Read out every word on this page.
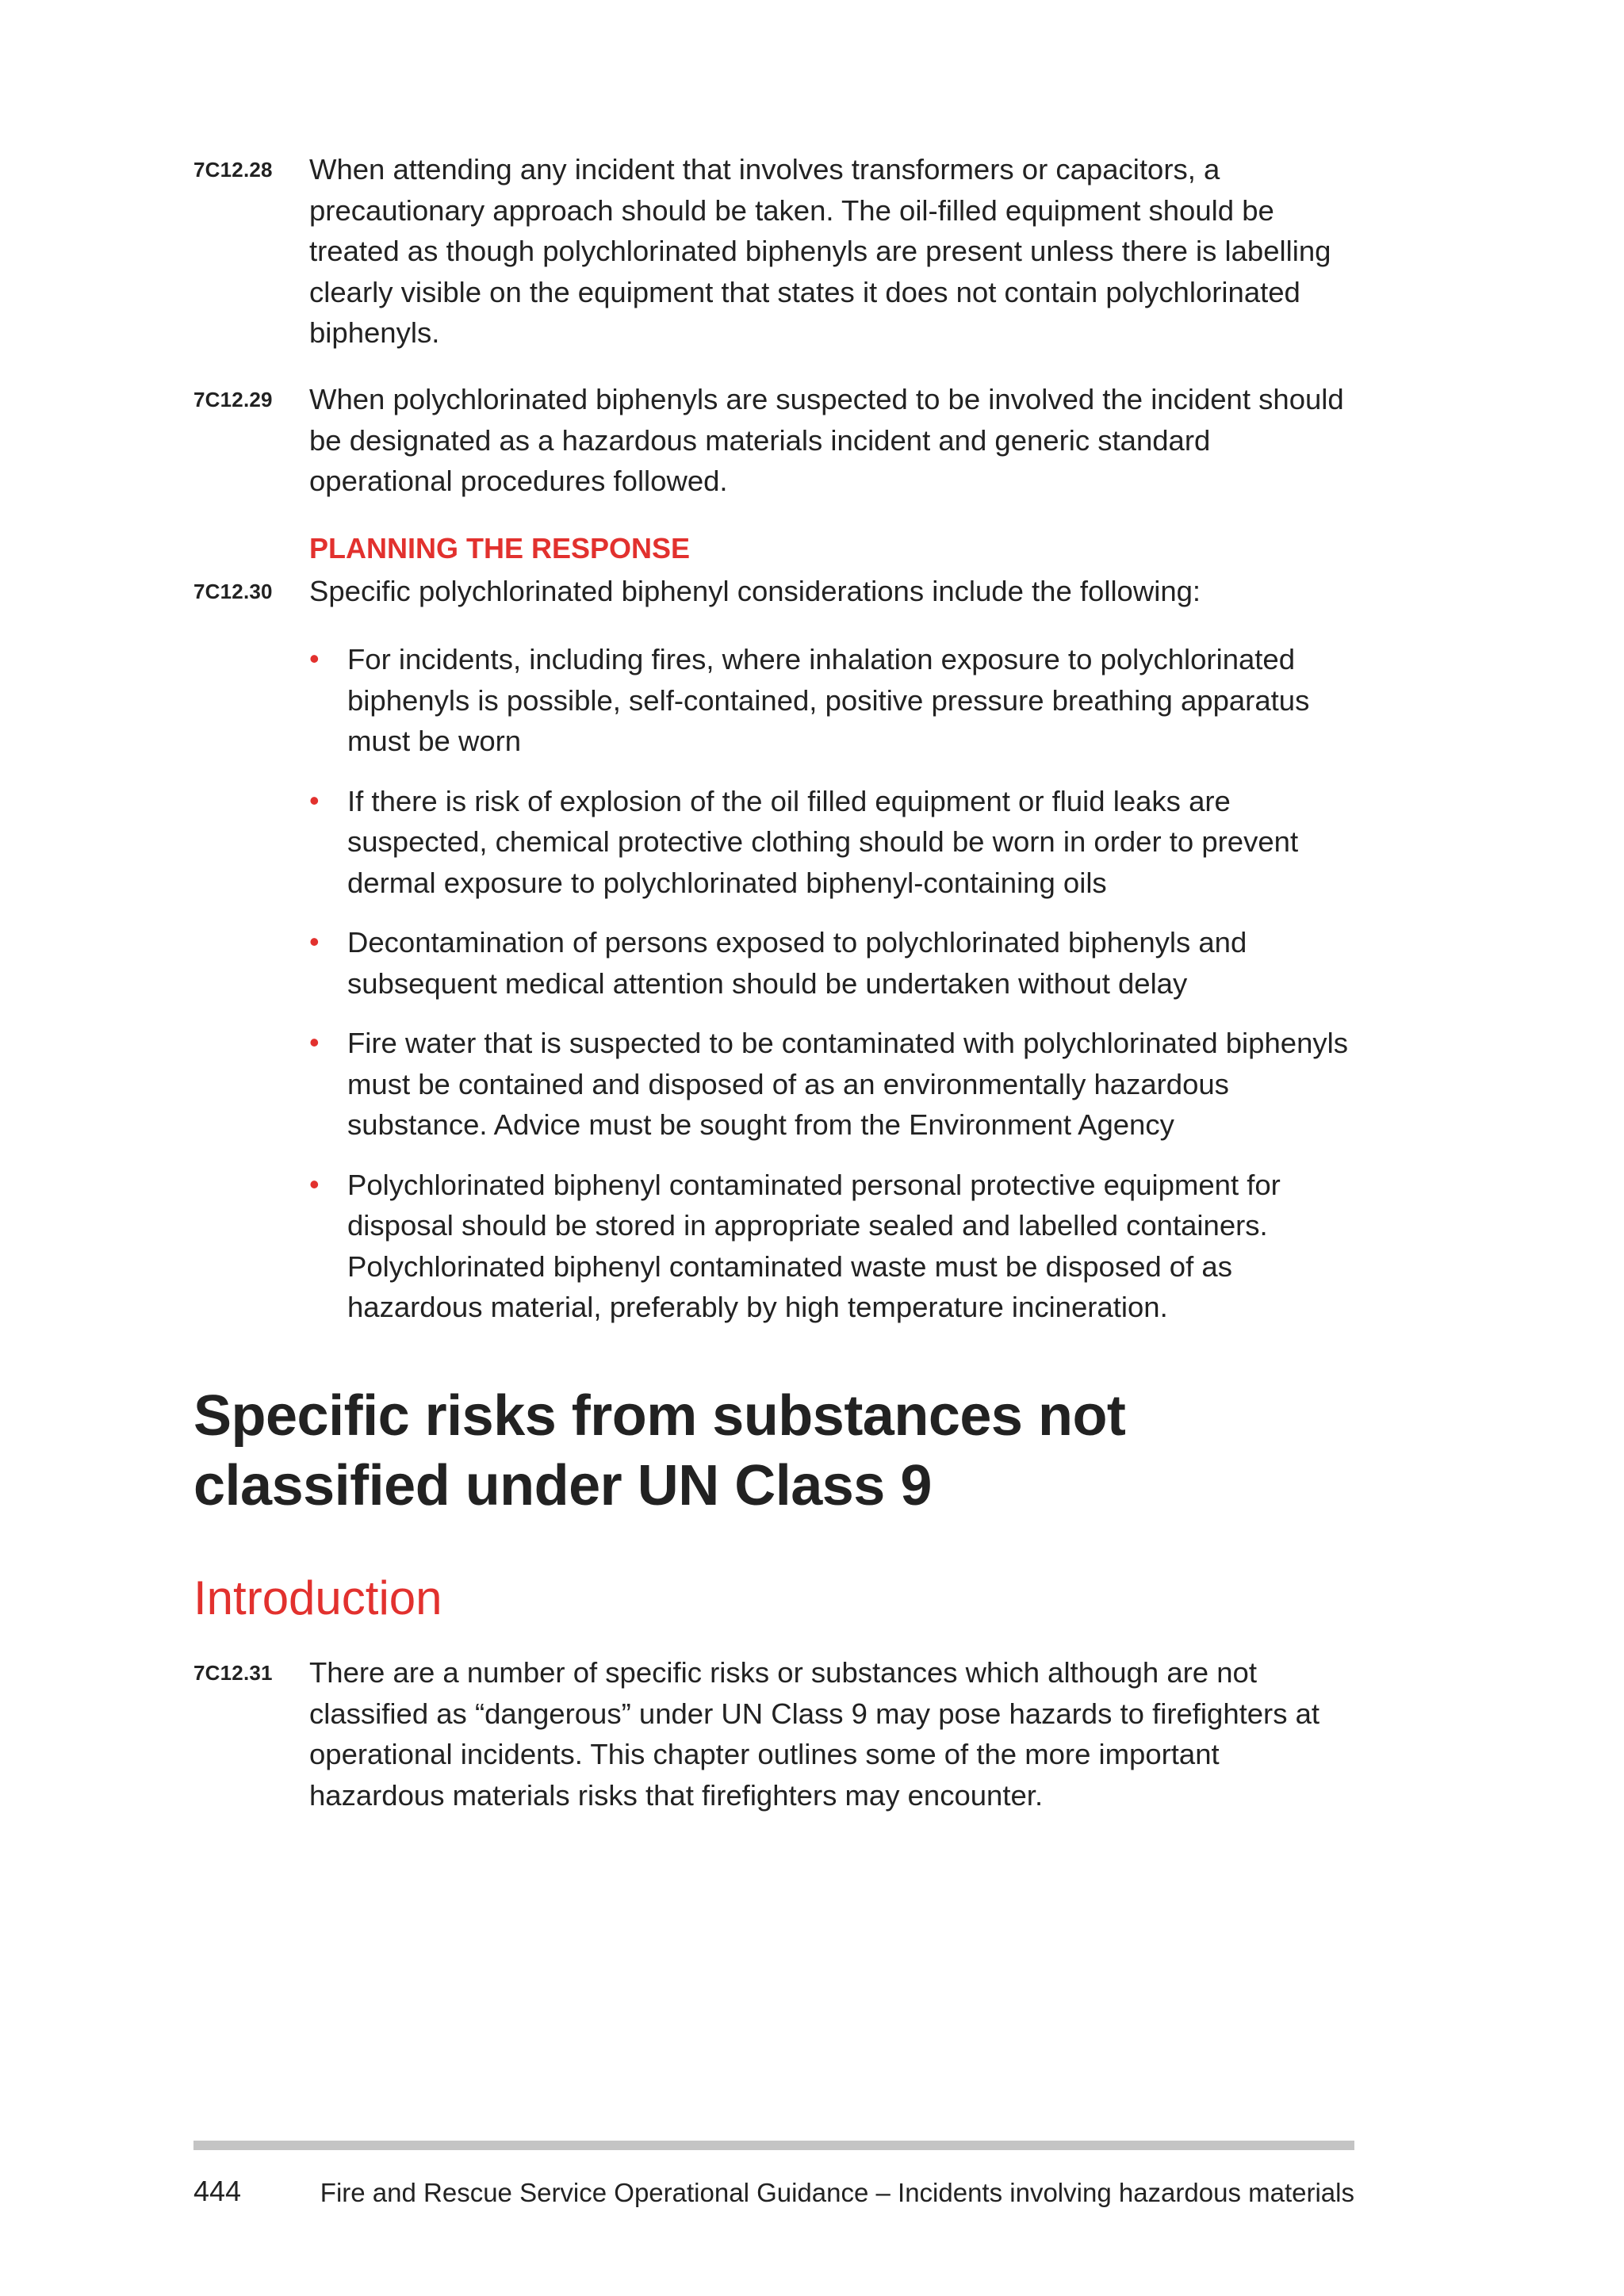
7C12.28 When attending any incident that involves transformers or capacitors, a precautionary approach should be taken. The oil-filled equipment should be treated as though polychlorinated biphenyls are present unless there is labelling clearly visible on the equipment that states it does not contain polychlorinated biphenyls.
7C12.29 When polychlorinated biphenyls are suspected to be involved the incident should be designated as a hazardous materials incident and generic standard operational procedures followed.
PLANNING THE RESPONSE
7C12.30 Specific polychlorinated biphenyl considerations include the following:
• For incidents, including fires, where inhalation exposure to polychlorinated biphenyls is possible, self-contained, positive pressure breathing apparatus must be worn
• If there is risk of explosion of the oil filled equipment or fluid leaks are suspected, chemical protective clothing should be worn in order to prevent dermal exposure to polychlorinated biphenyl-containing oils
• Decontamination of persons exposed to polychlorinated biphenyls and subsequent medical attention should be undertaken without delay
• Fire water that is suspected to be contaminated with polychlorinated biphenyls must be contained and disposed of as an environmentally hazardous substance. Advice must be sought from the Environment Agency
• Polychlorinated biphenyl contaminated personal protective equipment for disposal should be stored in appropriate sealed and labelled containers. Polychlorinated biphenyl contaminated waste must be disposed of as hazardous material, preferably by high temperature incineration.
Specific risks from substances not
classified under UN Class 9
Introduction
7C12.31 There are a number of specific risks or substances which although are not classified as “dangerous” under UN Class 9 may pose hazards to firefighters at operational incidents. This chapter outlines some of the more important hazardous materials risks that firefighters may encounter.
444	Fire and Rescue Service Operational Guidance – Incidents involving hazardous materials
